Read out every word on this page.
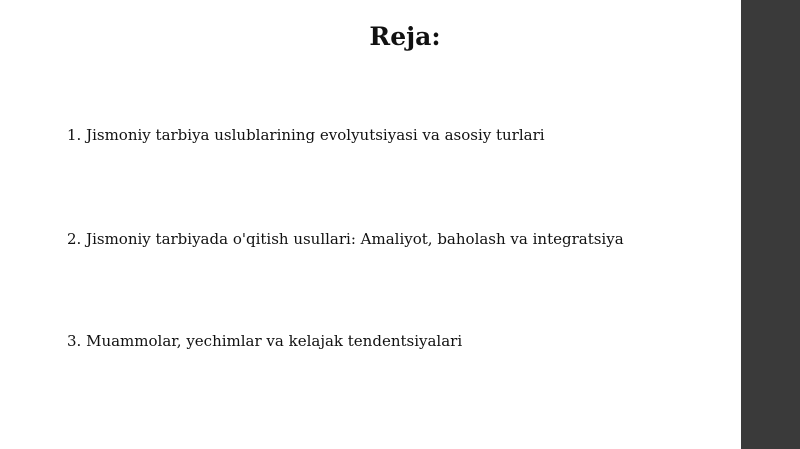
Reja:

1. Jismoniy tarbiya uslublarining evolyutsiyasi va asosiy turlari

2. Jismoniy tarbiyada o'qitish usullari: Amaliyot, baholash va integratsiya

3. Muammolar, yechimlar va kelajak tendentsiyalari
